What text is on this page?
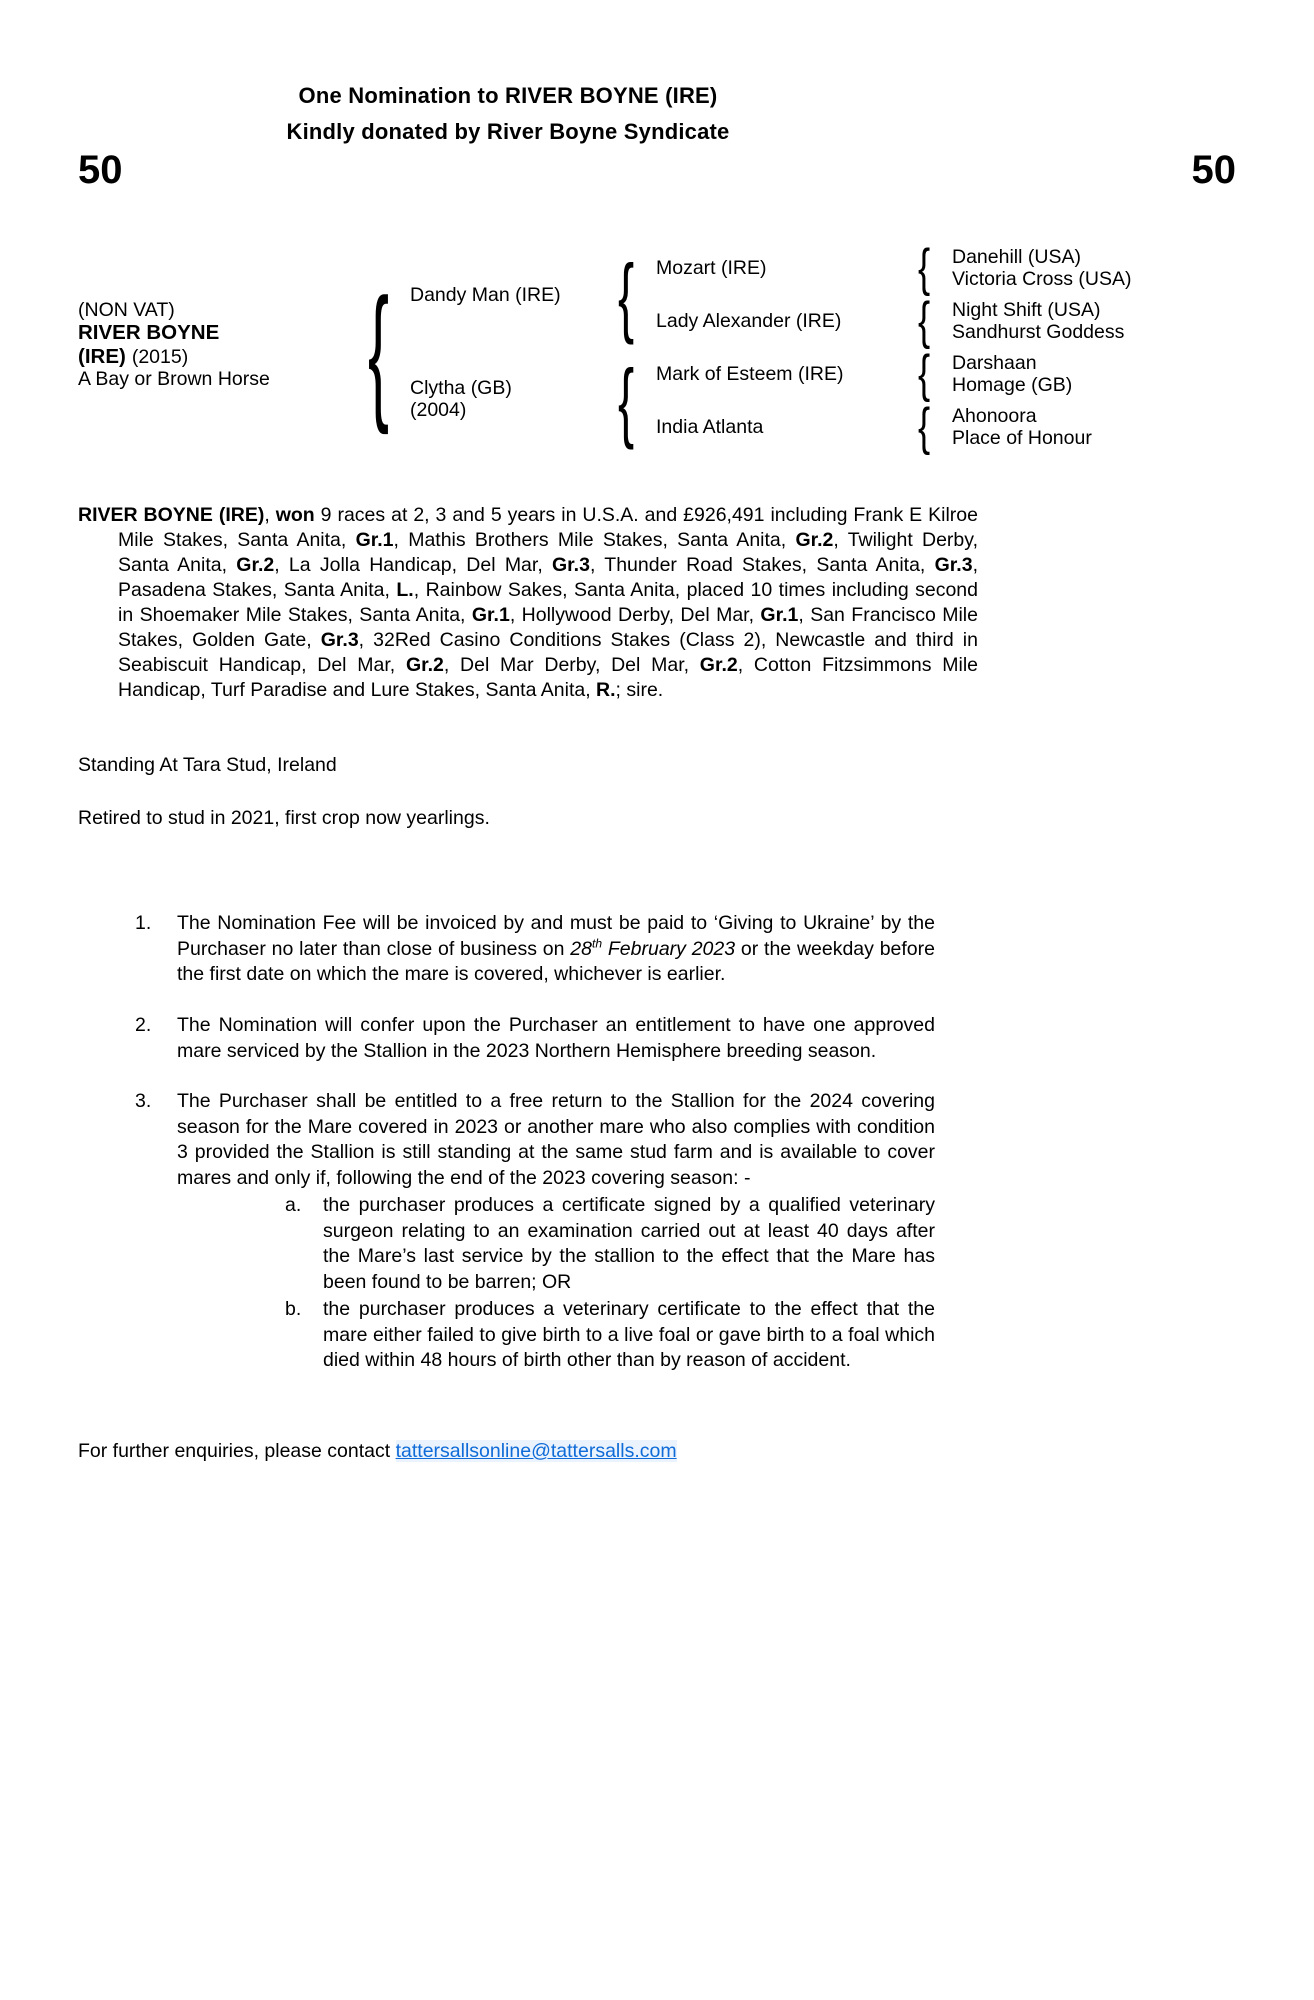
One Nomination to RIVER BOYNE (IRE)
Kindly donated by River Boyne Syndicate
50	50
(NON VAT)
RIVER BOYNE
(IRE) (2015)
A Bay or Brown Horse {	{
{
{
{
{
{
Dandy Man (IRE)
Clytha (GB)
(2004)
Mozart (IRE)
Lady Alexander (IRE)
Mark of Esteem (IRE)
India Atlanta
Danehill (USA)
Victoria Cross (USA)
Night Shift (USA)
Sandhurst Goddess
Darshaan
Homage (GB)
Ahonoora
Place of Honour
RIVER BOYNE (IRE), won 9 races at 2, 3 and 5 years in U.S.A. and £926,491 including Frank E Kilroe Mile Stakes, Santa Anita, Gr.1, Mathis Brothers Mile Stakes, Santa Anita, Gr.2, Twilight Derby, Santa Anita, Gr.2, La Jolla Handicap, Del Mar, Gr.3, Thunder Road Stakes, Santa Anita, Gr.3, Pasadena Stakes, Santa Anita, L., Rainbow Sakes, Santa Anita, placed 10 times including second in Shoemaker Mile Stakes, Santa Anita, Gr.1, Hollywood Derby, Del Mar, Gr.1, San Francisco Mile Stakes, Golden Gate, Gr.3, 32Red Casino Conditions Stakes (Class 2), Newcastle and third in Seabiscuit Handicap, Del Mar, Gr.2, Del Mar Derby, Del Mar, Gr.2, Cotton Fitzsimmons Mile Handicap, Turf Paradise and Lure Stakes, Santa Anita, R.; sire.
Standing At Tara Stud, Ireland
Retired to stud in 2021, first crop now yearlings.
1. The Nomination Fee will be invoiced by and must be paid to ‘Giving to Ukraine’ by the Purchaser no later than close of business on 28th February 2023 or the weekday before the first date on which the mare is covered, whichever is earlier.
2. The Nomination will confer upon the Purchaser an entitlement to have one approved mare serviced by the Stallion in the 2023 Northern Hemisphere breeding season.
3. The Purchaser shall be entitled to a free return to the Stallion for the 2024 covering season for the Mare covered in 2023 or another mare who also complies with condition 3 provided the Stallion is still standing at the same stud farm and is available to cover mares and only if, following the end of the 2023 covering season: -
a. the purchaser produces a certificate signed by a qualified veterinary surgeon relating to an examination carried out at least 40 days after the Mare’s last service by the stallion to the effect that the Mare has been found to be barren; OR
b. the purchaser produces a veterinary certificate to the effect that the mare either failed to give birth to a live foal or gave birth to a foal which died within 48 hours of birth other than by reason of accident.
For further enquiries, please contact tattersallsonline@tattersalls.com
